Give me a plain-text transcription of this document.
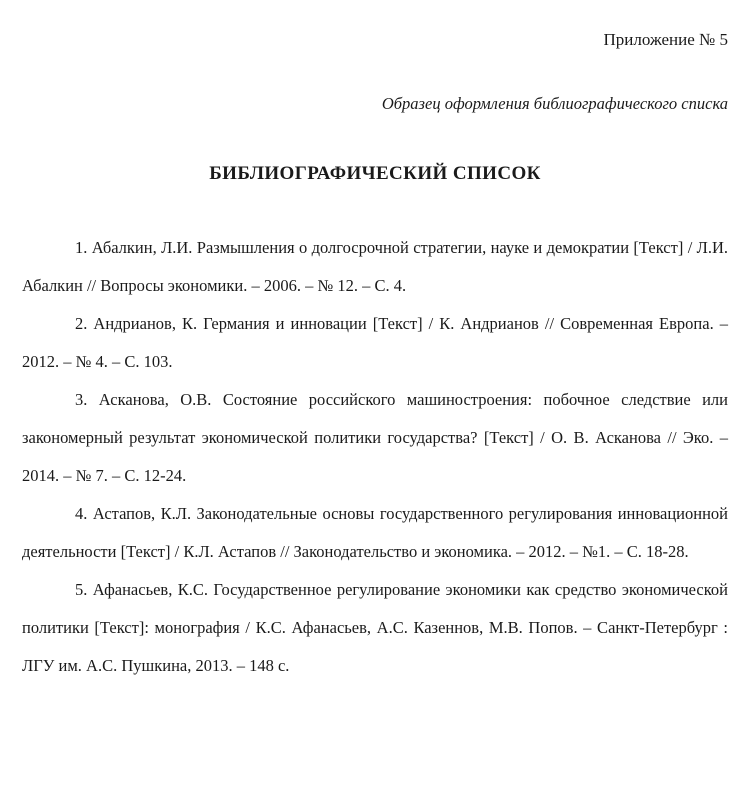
Приложение № 5
Образец оформления библиографического списка
БИБЛИОГРАФИЧЕСКИЙ СПИСОК
1. Абалкин, Л.И. Размышления о долгосрочной стратегии, науке и демократии [Текст] / Л.И. Абалкин // Вопросы экономики. – 2006. – № 12. – С. 4.
2. Андрианов, К. Германия и инновации [Текст] / К. Андрианов // Современная Европа. – 2012. – № 4. – С. 103.
3. Асканова, О.В. Состояние российского машиностроения: побочное следствие или закономерный результат экономической политики государства? [Текст] / О. В. Асканова // Эко. – 2014. – № 7. – С. 12-24.
4. Астапов, К.Л. Законодательные основы государственного регулирования инновационной деятельности [Текст] / К.Л. Астапов // Законодательство и экономика. – 2012. – №1. – С. 18-28.
5. Афанасьев, К.С. Государственное регулирование экономики как средство экономической политики [Текст]: монография / К.С. Афанасьев, А.С. Казеннов, М.В. Попов. – Санкт-Петербург : ЛГУ им. А.С. Пушкина, 2013. – 148 с.
